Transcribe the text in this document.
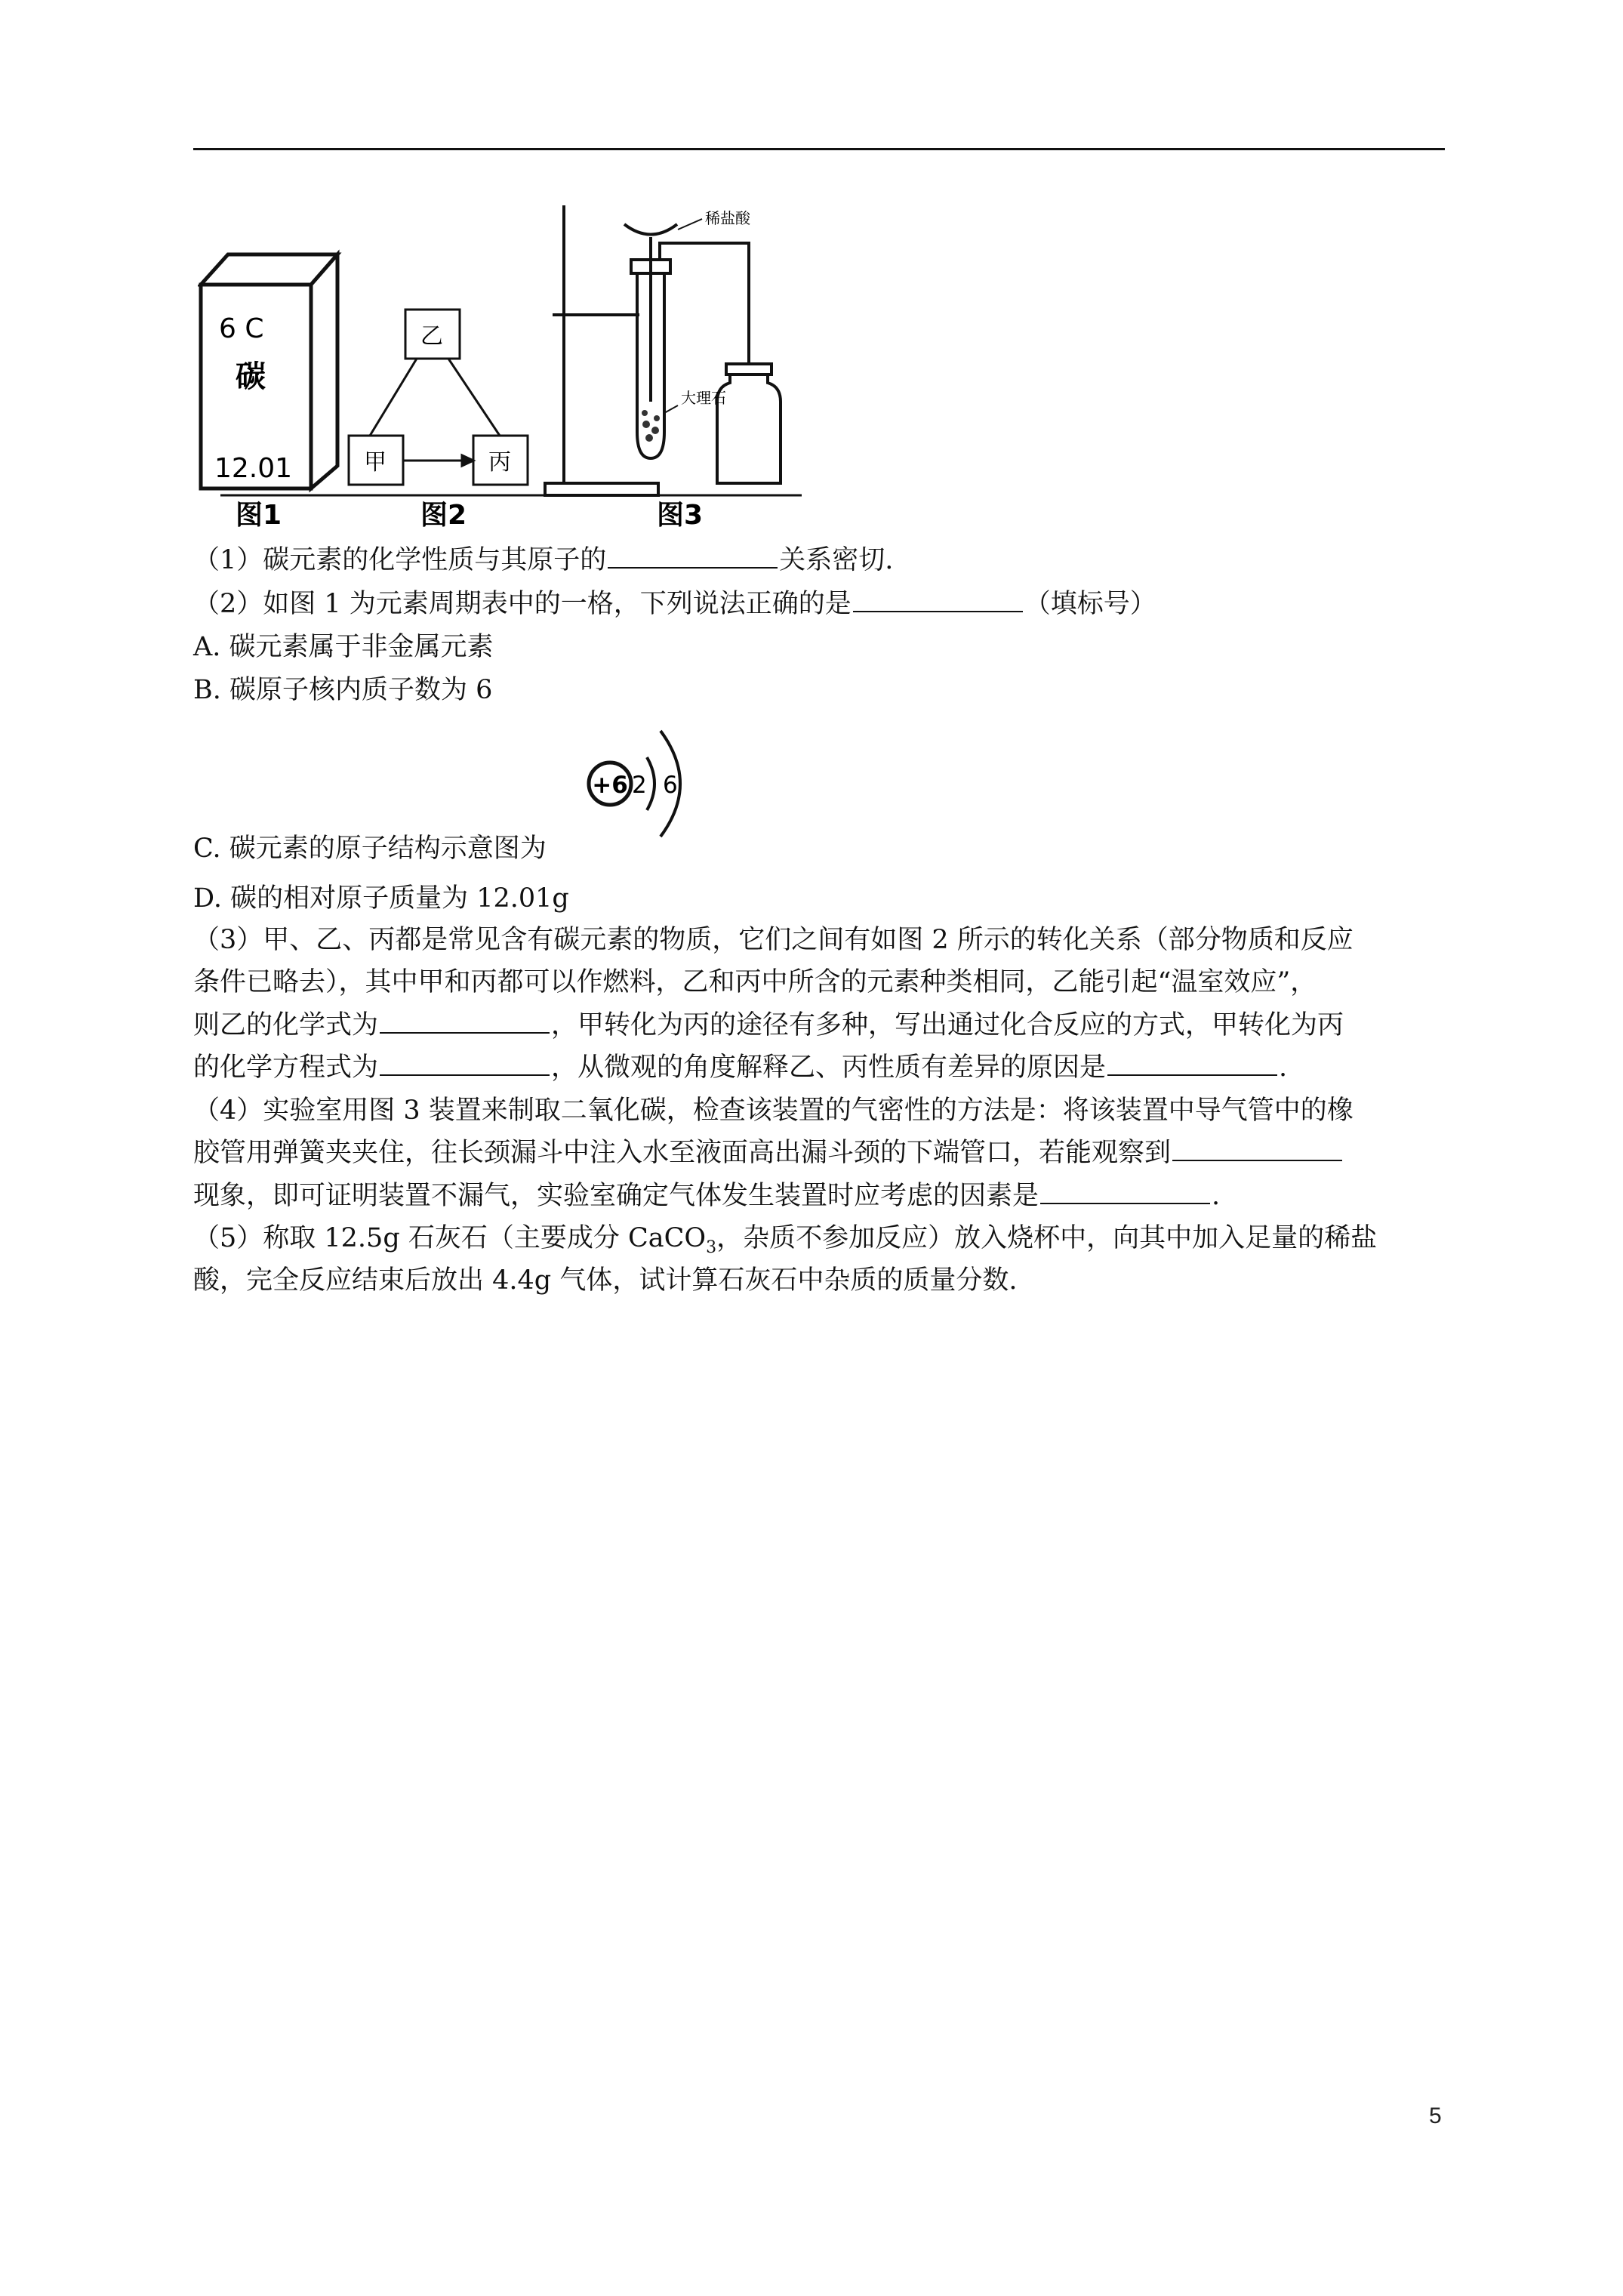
6 C
碳
12.01
图1
乙
甲	丙
图2
稀盐酸
大理石
图3
（1）碳元素的化学性质与其原子的	关系密切.
（2）如图 1 为元素周期表中的一格，下列说法正确的是	（填标号）
A. 碳元素属于非金属元素
B. 碳原子核内质子数为 6
+6 2 6
C. 碳元素的原子结构示意图为
D. 碳的相对原子质量为 12.01g
（3）甲、乙、丙都是常见含有碳元素的物质，它们之间有如图 2 所示的转化关系（部分物质和反应
条件已略去），其中甲和丙都可以作燃料，乙和丙中所含的元素种类相同，乙能引起“温室效应”，
则乙的化学式为	，甲转化为丙的途径有多种，写出通过化合反应的方式，甲转化为丙
的化学方程式为	，从微观的角度解释乙、丙性质有差异的原因是	.
（4）实验室用图 3 装置来制取二氧化碳，检查该装置的气密性的方法是：将该装置中导气管中的橡
胶管用弹簧夹夹住，往长颈漏斗中注入水至液面高出漏斗颈的下端管口，若能观察到
现象，即可证明装置不漏气，实验室确定气体发生装置时应考虑的因素是	.
（5）称取 12.5g 石灰石（主要成分 CaCO$_3$，杂质不参加反应）放入烧杯中，向其中加入足量的稀盐
酸，完全反应结束后放出 4.4g 气体，试计算石灰石中杂质的质量分数.
5
